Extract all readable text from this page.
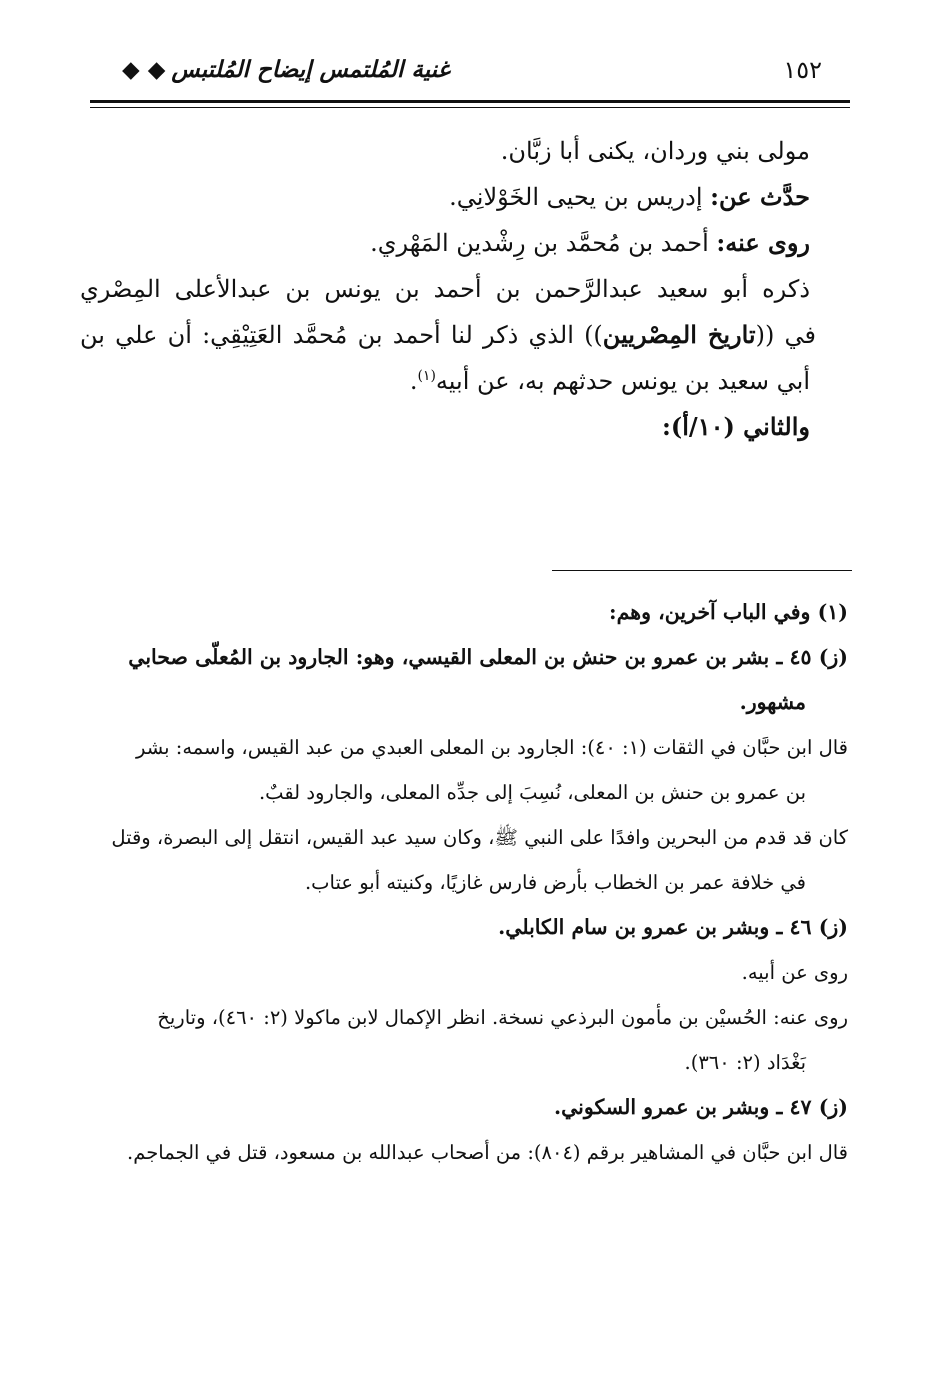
١٥٢
غنية المُلتمس إيضاح المُلتبس◆ ◆

مولى بني وردان، يكنى أبا زبَّان.

حدَّث عن: إدريس بن يحيى الخَوْلانِي.

روى عنه: أحمد بن مُحمَّد بن رِشْدين المَهْري.

ذكره أبو سعيد عبدالرَّحمن بن أحمد بن يونس بن عبدالأعلى المِصْري

في ((تاريخ المِصْريين)) الذي ذكر لنا أحمد بن مُحمَّد العَتِيْقِي: أن علي بن

أبي سعيد بن يونس حدثهم به، عن أبيه$^{(١)}$.

والثاني (١٠/أ):

(١) وفي الباب آخرين، وهم:

(ز) ٤٥ ـ بشر بن عمرو بن حنش بن المعلى القيسي، وهو: الجارود بن المُعلّى صحابي

مشهور.

قال ابن حبَّان في الثقات (١: ٤٠): الجارود بن المعلى العبدي من عبد القيس، واسمه: بشر

بن عمرو بن حنش بن المعلى، نُسِبَ إلى جدِّه المعلى، والجارود لقبٌ.

كان قد قدم من البحرين وافدًا على النبي ﷺ، وكان سيد عبد القيس، انتقل إلى البصرة، وقتل

في خلافة عمر بن الخطاب بأرض فارس غازيًا، وكنيته أبو عتاب.

(ز) ٤٦ ـ وبشر بن عمرو بن سام الكابلي.

روى عن أبيه.

روى عنه: الحُسيْن بن مأمون البرذعي نسخة. انظر الإكمال لابن ماكولا (٢: ٤٦٠)، وتاريخ

بَغْدَاد (٢: ٣٦٠).

(ز) ٤٧ ـ وبشر بن عمرو السكوني.

قال ابن حبَّان في المشاهير برقم (٨٠٤): من أصحاب عبدالله بن مسعود، قتل في الجماجم.
